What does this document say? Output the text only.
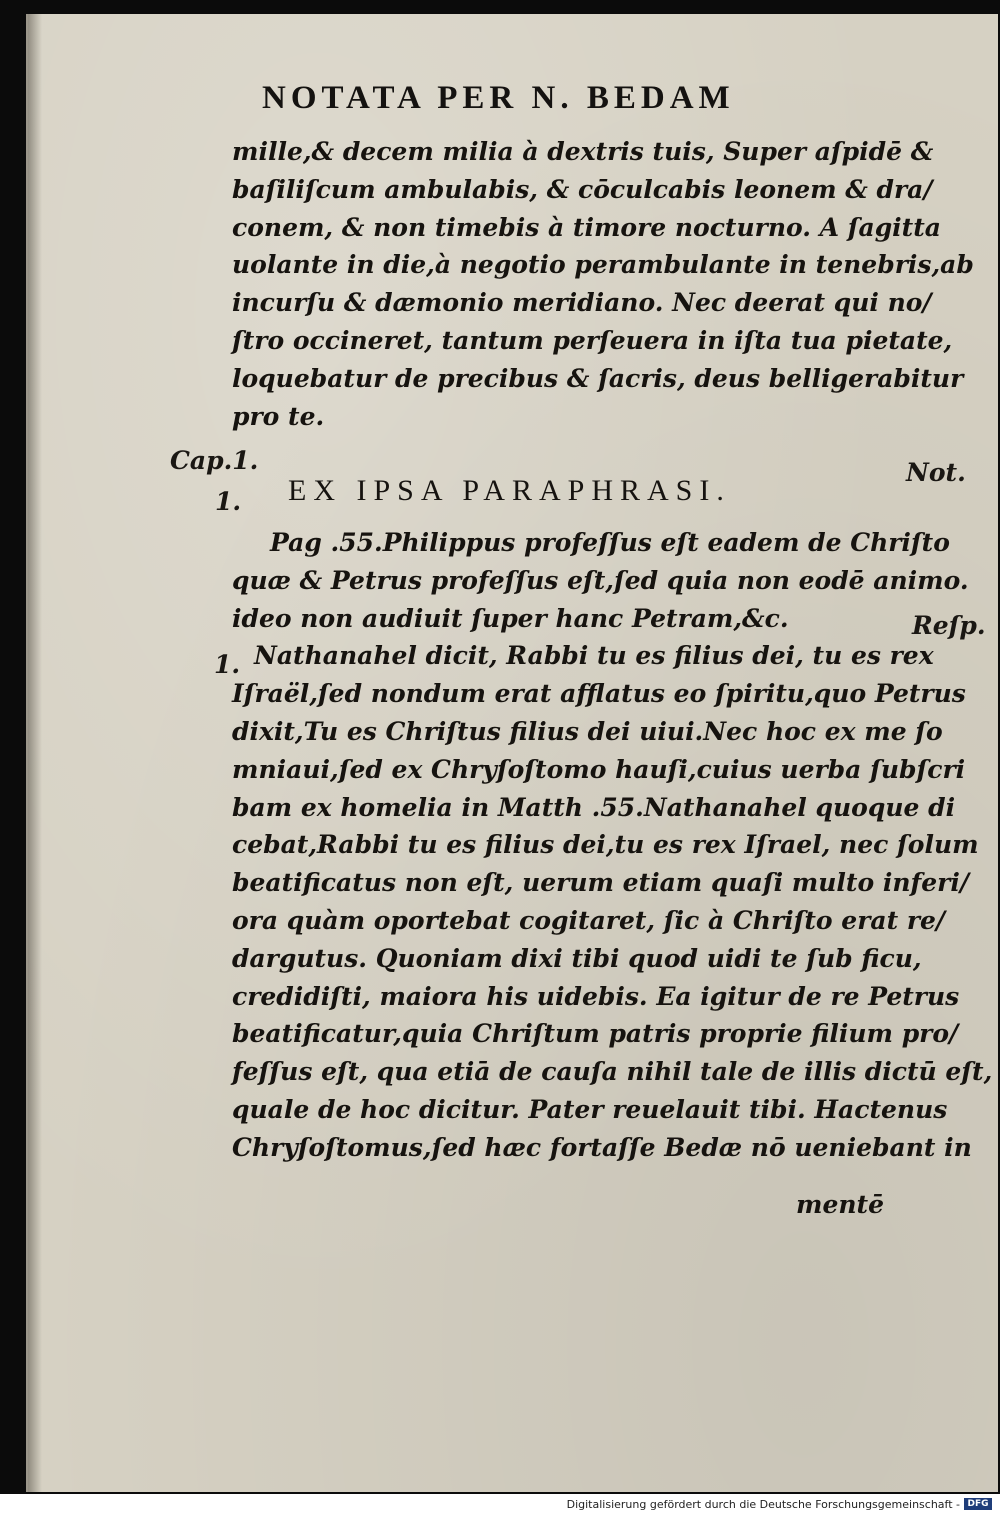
NOTATA PER N. BEDAM
mille,& decem milia à dextris tuis, Super aſpidē &
baſiliſcum ambulabis, & cōculcabis leonem & dra/
conem, & non timebis à timore nocturno. A ſagitta
uolante in die,à negotio perambulante in tenebris,ab
incurſu & dæmonio meridiano. Nec deerat qui no/
ſtro occineret, tantum perſeuera in iſta tua pietate,
loquebatur de precibus & ſacris, deus belligerabitur
pro te.
Cap.1.
1.
Not.
EX IPSA PARAPHRASI.
Pag .55.Philippus profeſſus eſt eadem de Chriſto
quæ & Petrus profeſſus eſt,ſed quia non eodē animo.
ideo non audiuit ſuper hanc Petram,&c.
Nathanahel dicit, Rabbi tu es filius dei, tu es rex
Iſraël,ſed nondum erat afflatus eo ſpiritu,quo Petrus
dixit,Tu es Chriſtus filius dei uiui.Nec hoc ex me ſo
mniaui,ſed ex Chryſoſtomo hauſi,cuius uerba ſubſcri
bam ex homelia in Matth .55.Nathanahel quoque di
cebat,Rabbi tu es filius dei,tu es rex Iſrael, nec ſolum
beatificatus non eſt, uerum etiam quaſi multo inferi/
ora quàm oportebat cogitaret, ſic à Chriſto erat re/
dargutus. Quoniam dixi tibi quod uidi te ſub ficu,
credidiſti, maiora his uidebis. Ea igitur de re Petrus
beatificatur,quia Chriſtum patris proprie filium pro/
feſſus eſt, qua etiā de cauſa nihil tale de illis dictū eſt,
quale de hoc dicitur. Pater reuelauit tibi. Hactenus
Chryſoſtomus,ſed hæc fortaſſe Bedæ nō ueniebant in
Reſp.
1.
mentē
Digitalisierung gefördert durch die Deutsche Forschungsgemeinschaft - DFG
